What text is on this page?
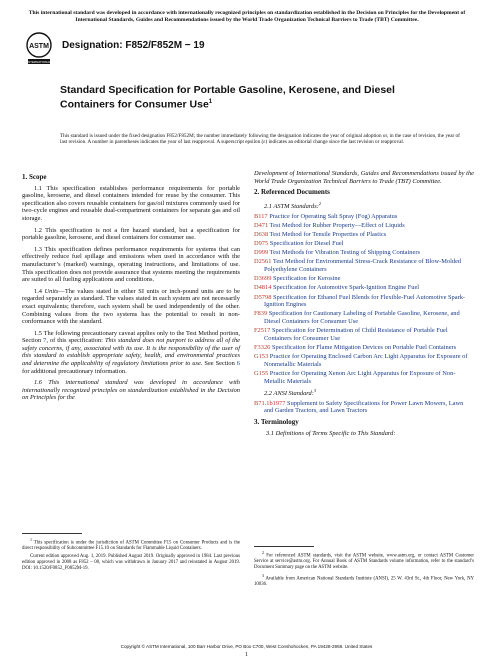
This international standard was developed in accordance with internationally recognized principles on standardization established in the Decision on Principles for the Development of International Standards, Guides and Recommendations issued by the World Trade Organization Technical Barriers to Trade (TBT) Committee.
ASTM
INTERNATIONAL
Designation: F852/F852M − 19
Standard Specification for Portable Gasoline, Kerosene, and Diesel Containers for Consumer Use$^1$
This standard is issued under the fixed designation F852/F852M; the number immediately following the designation indicates the year of original adoption or, in the case of revision, the year of last revision. A number in parentheses indicates the year of last reapproval. A superscript epsilon (ε) indicates an editorial change since the last revision or reapproval.
1. Scope

1.1 This specification establishes performance requirements for portable gasoline, kerosene, and diesel containers intended for reuse by the consumer. This specification also covers reusable containers for gas/oil mixtures commonly used for two-cycle engines and reusable dual-compartment containers for separate gas and oil storage.

1.2 This specification is not a fire hazard standard, but a specification for portable gasoline, kerosene, and diesel containers for consumer use.

1.3 This specification defines performance requirements for systems that can effectively reduce fuel spillage and emissions when used in accordance with the manufacturer’s (marked) warnings, operating instructions, and limitations of use. This specification does not provide assurance that systems meeting the requirements are suited to all fueling applications and conditions.

1.4 Units—The values stated in either SI units or inch-pound units are to be regarded separately as standard. The values stated in each system are not necessarily exact equivalents; therefore, each system shall be used independently of the other. Combining values from the two systems has the potential to result in non-conformance with the standard.

1.5 The following precautionary caveat applies only to the Test Method portion, Section 7, of this specification: This standard does not purport to address all of the safety concerns, if any, associated with its use. It is the responsibility of the user of this standard to establish appropriate safety, health, and environmental practices and determine the applicability of regulatory limitations prior to use. See Section 6 for additional precautionary information.

1.6 This international standard was developed in accordance with internationally recognized principles on standardization established in the Decision on Principles for the

Development of International Standards, Guides and Recommendations issued by the World Trade Organization Technical Barriers to Trade (TBT) Committee.

2. Referenced Documents
2.1 ASTM Standards:$^2$
B117 Practice for Operating Salt Spray (Fog) Apparatus
D471 Test Method for Rubber Property—Effect of Liquids
D638 Test Method for Tensile Properties of Plastics
D975 Specification for Diesel Fuel
D999 Test Methods for Vibration Testing of Shipping Containers
D2561 Test Method for Environmental Stress-Crack Resistance of Blow-Molded Polyethylene Containers
D3699 Specification for Kerosine
D4814 Specification for Automotive Spark-Ignition Engine Fuel
D5798 Specification for Ethanol Fuel Blends for Flexible-Fuel Automotive Spark-Ignition Engines
F839 Specification for Cautionary Labeling of Portable Gasoline, Kerosene, and Diesel Containers for Consumer Use
F2517 Specification for Determination of Child Resistance of Portable Fuel Containers for Consumer Use
F3326 Specification for Flame Mitigation Devices on Portable Fuel Containers
G153 Practice for Operating Enclosed Carbon Arc Light Apparatus for Exposure of Nonmetallic Materials
G155 Practice for Operating Xenon Arc Light Apparatus for Exposure of Non-Metallic Materials
2.2 ANSI Standard:$^3$
B71.1b1977 Supplement to Safety Specifications for Power Lawn Mowers, Lawn and Garden Tractors, and Lawn Tractors
3. Terminology

3.1 Definitions of Terms Specific to This Standard:

$^1$ This specification is under the jurisdiction of ASTM Committee F15 on Consumer Products and is the direct responsibility of Subcommittee F15.10 on Standards for Flammable Liquid Containers.

Current edition approved Aug. 1, 2019. Published August 2019. Originally approved in 1984. Last previous edition approved in 2008 as F852 – 08, which was withdrawn in January 2017 and reinstated in August 2019. DOI: 10.1520/F0852_F0852M-19.

$^2$ For referenced ASTM standards, visit the ASTM website, www.astm.org, or contact ASTM Customer Service at service@astm.org. For Annual Book of ASTM Standards volume information, refer to the standard’s Document Summary page on the ASTM website.

$^3$ Available from American National Standards Institute (ANSI), 25 W. 43rd St., 4th Floor, New York, NY 10036.

Copyright © ASTM International, 100 Barr Harbor Drive, PO Box C700, West Conshohocken, PA 19428-2959. United States
1
